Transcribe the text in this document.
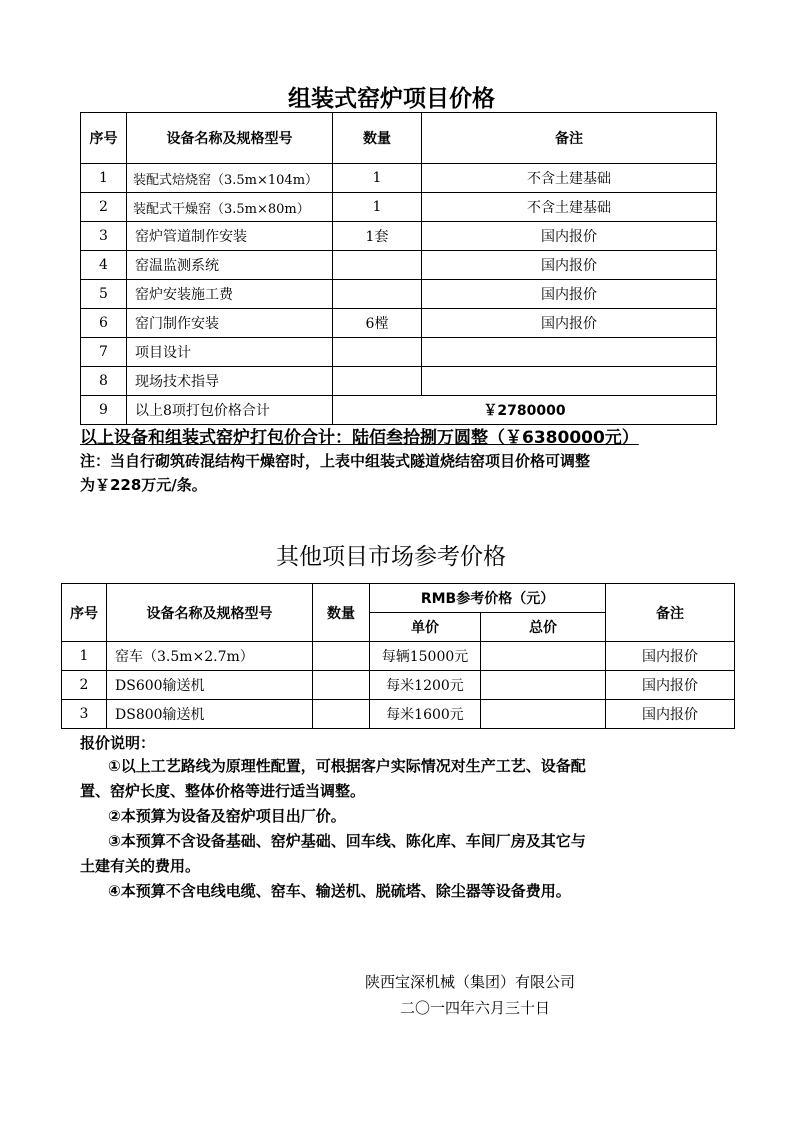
组装式窑炉项目价格
序号	设备名称及规格型号	数量	备注
1	装配式焙烧窑（3.5m×104m）	1	不含土建基础
2	装配式干燥窑（3.5m×80m）	1	不含土建基础
3	窑炉管道制作安装	1套	国内报价
4	窑温监测系统		国内报价
5	窑炉安装施工费		国内报价
6	窑门制作安装	6樘	国内报价
7	项目设计		
8	现场技术指导		
9	以上8项打包价格合计	￥2780000	
以上设备和组装式窑炉打包价合计：陆佰叁拾捌万圆整（￥6380000元）
注：当自行砌筑砖混结构干燥窑时，上表中组装式隧道烧结窑项目价格可调整
为￥228万元/条。
其他项目市场参考价格
序号	设备名称及规格型号	数量	RMB参考价格（元）		备注
			单价	总价	
1	窑车（3.5m×2.7m）		每辆15000元		国内报价
2	DS600输送机		每米1200元		国内报价
3	DS800输送机		每米1600元		国内报价
报价说明：
①以上工艺路线为原理性配置，可根据客户实际情况对生产工艺、设备配
置、窑炉长度、整体价格等进行适当调整。
②本预算为设备及窑炉项目出厂价。
③本预算不含设备基础、窑炉基础、回车线、陈化库、车间厂房及其它与
土建有关的费用。
④本预算不含电线电缆、窑车、输送机、脱硫塔、除尘器等设备费用。
陕西宝深机械（集团）有限公司
二〇一四年六月三十日
